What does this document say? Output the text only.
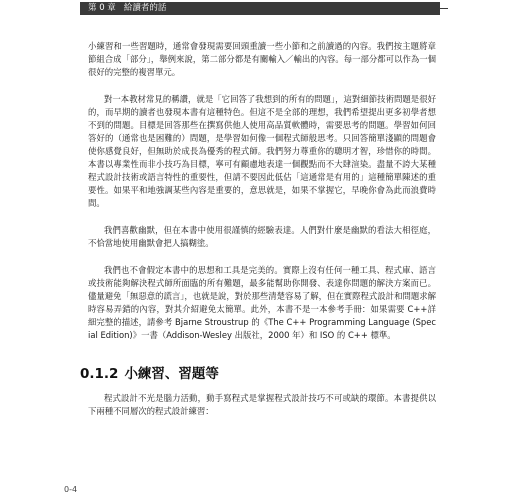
第 0 章 給讀者的話

小練習和一些習題時，通常會發現需要回頭重讀一些小節和之前讀過的內容。我們按主題將章節組合成「部分」，舉例來說，第二部分都是有關輸入／輸出的內容。每一部分都可以作為一個很好的完整的複習單元。

對一本教材常見的稱讚，就是「它回答了我想到的所有的問題」，這對細節技術問題是很好的，而早期的讀者也發現本書有這種特色。但這不是全部的理想，我們希望提出更多初學者想不到的問題。目標是回答那些在撰寫供他人使用高品質軟體時，需要思考的問題。學習如何回答好的（通常也是困難的）問題，是學習如何像一個程式師般思考。只回答簡單淺顯的問題會使你感覺良好，但無助於成長為優秀的程式師。我們努力尊重你的聰明才智，珍惜你的時間。本書以專業性而非小技巧為目標，寧可有顧慮地表達一個觀點而不大肆渲染。盡量不誇大某種程式設計技術或語言特性的重要性，但請不要因此低估「這通常是有用的」這種簡單陳述的重要性。如果平和地強調某些內容是重要的，意思就是，如果不掌握它，早晚你會為此而浪費時間。

我們喜歡幽默，但在本書中使用很謹慎的經驗表達。人們對什麼是幽默的看法大相徑庭，不恰當地使用幽默會把人搞糊塗。

我們也不會假定本書中的思想和工具是完美的。實際上沒有任何一種工具、程式庫、語言或技術能夠解決程式師所面臨的所有難題，最多能幫助你開發、表達你問題的解決方案而已。儘量避免「無惡意的謊言」，也就是說，對於那些清楚容易了解，但在實際程式設計和問題求解時容易弄錯的內容，對其介紹避免太簡單。此外，本書不是一本參考手冊：如果需要 C++詳細完整的描述，請參考 Bjarne Stroustrup 的《The C++ Programming Language (Special Edition)》一書（Addison-Wesley 出版社，2000 年）和 ISO 的 C++ 標準。

0.1.2 小練習、習題等

程式設計不光是腦力活動，動手寫程式是掌握程式設計技巧不可或缺的環節。本書提供以下兩種不同層次的程式設計練習：

0-4
